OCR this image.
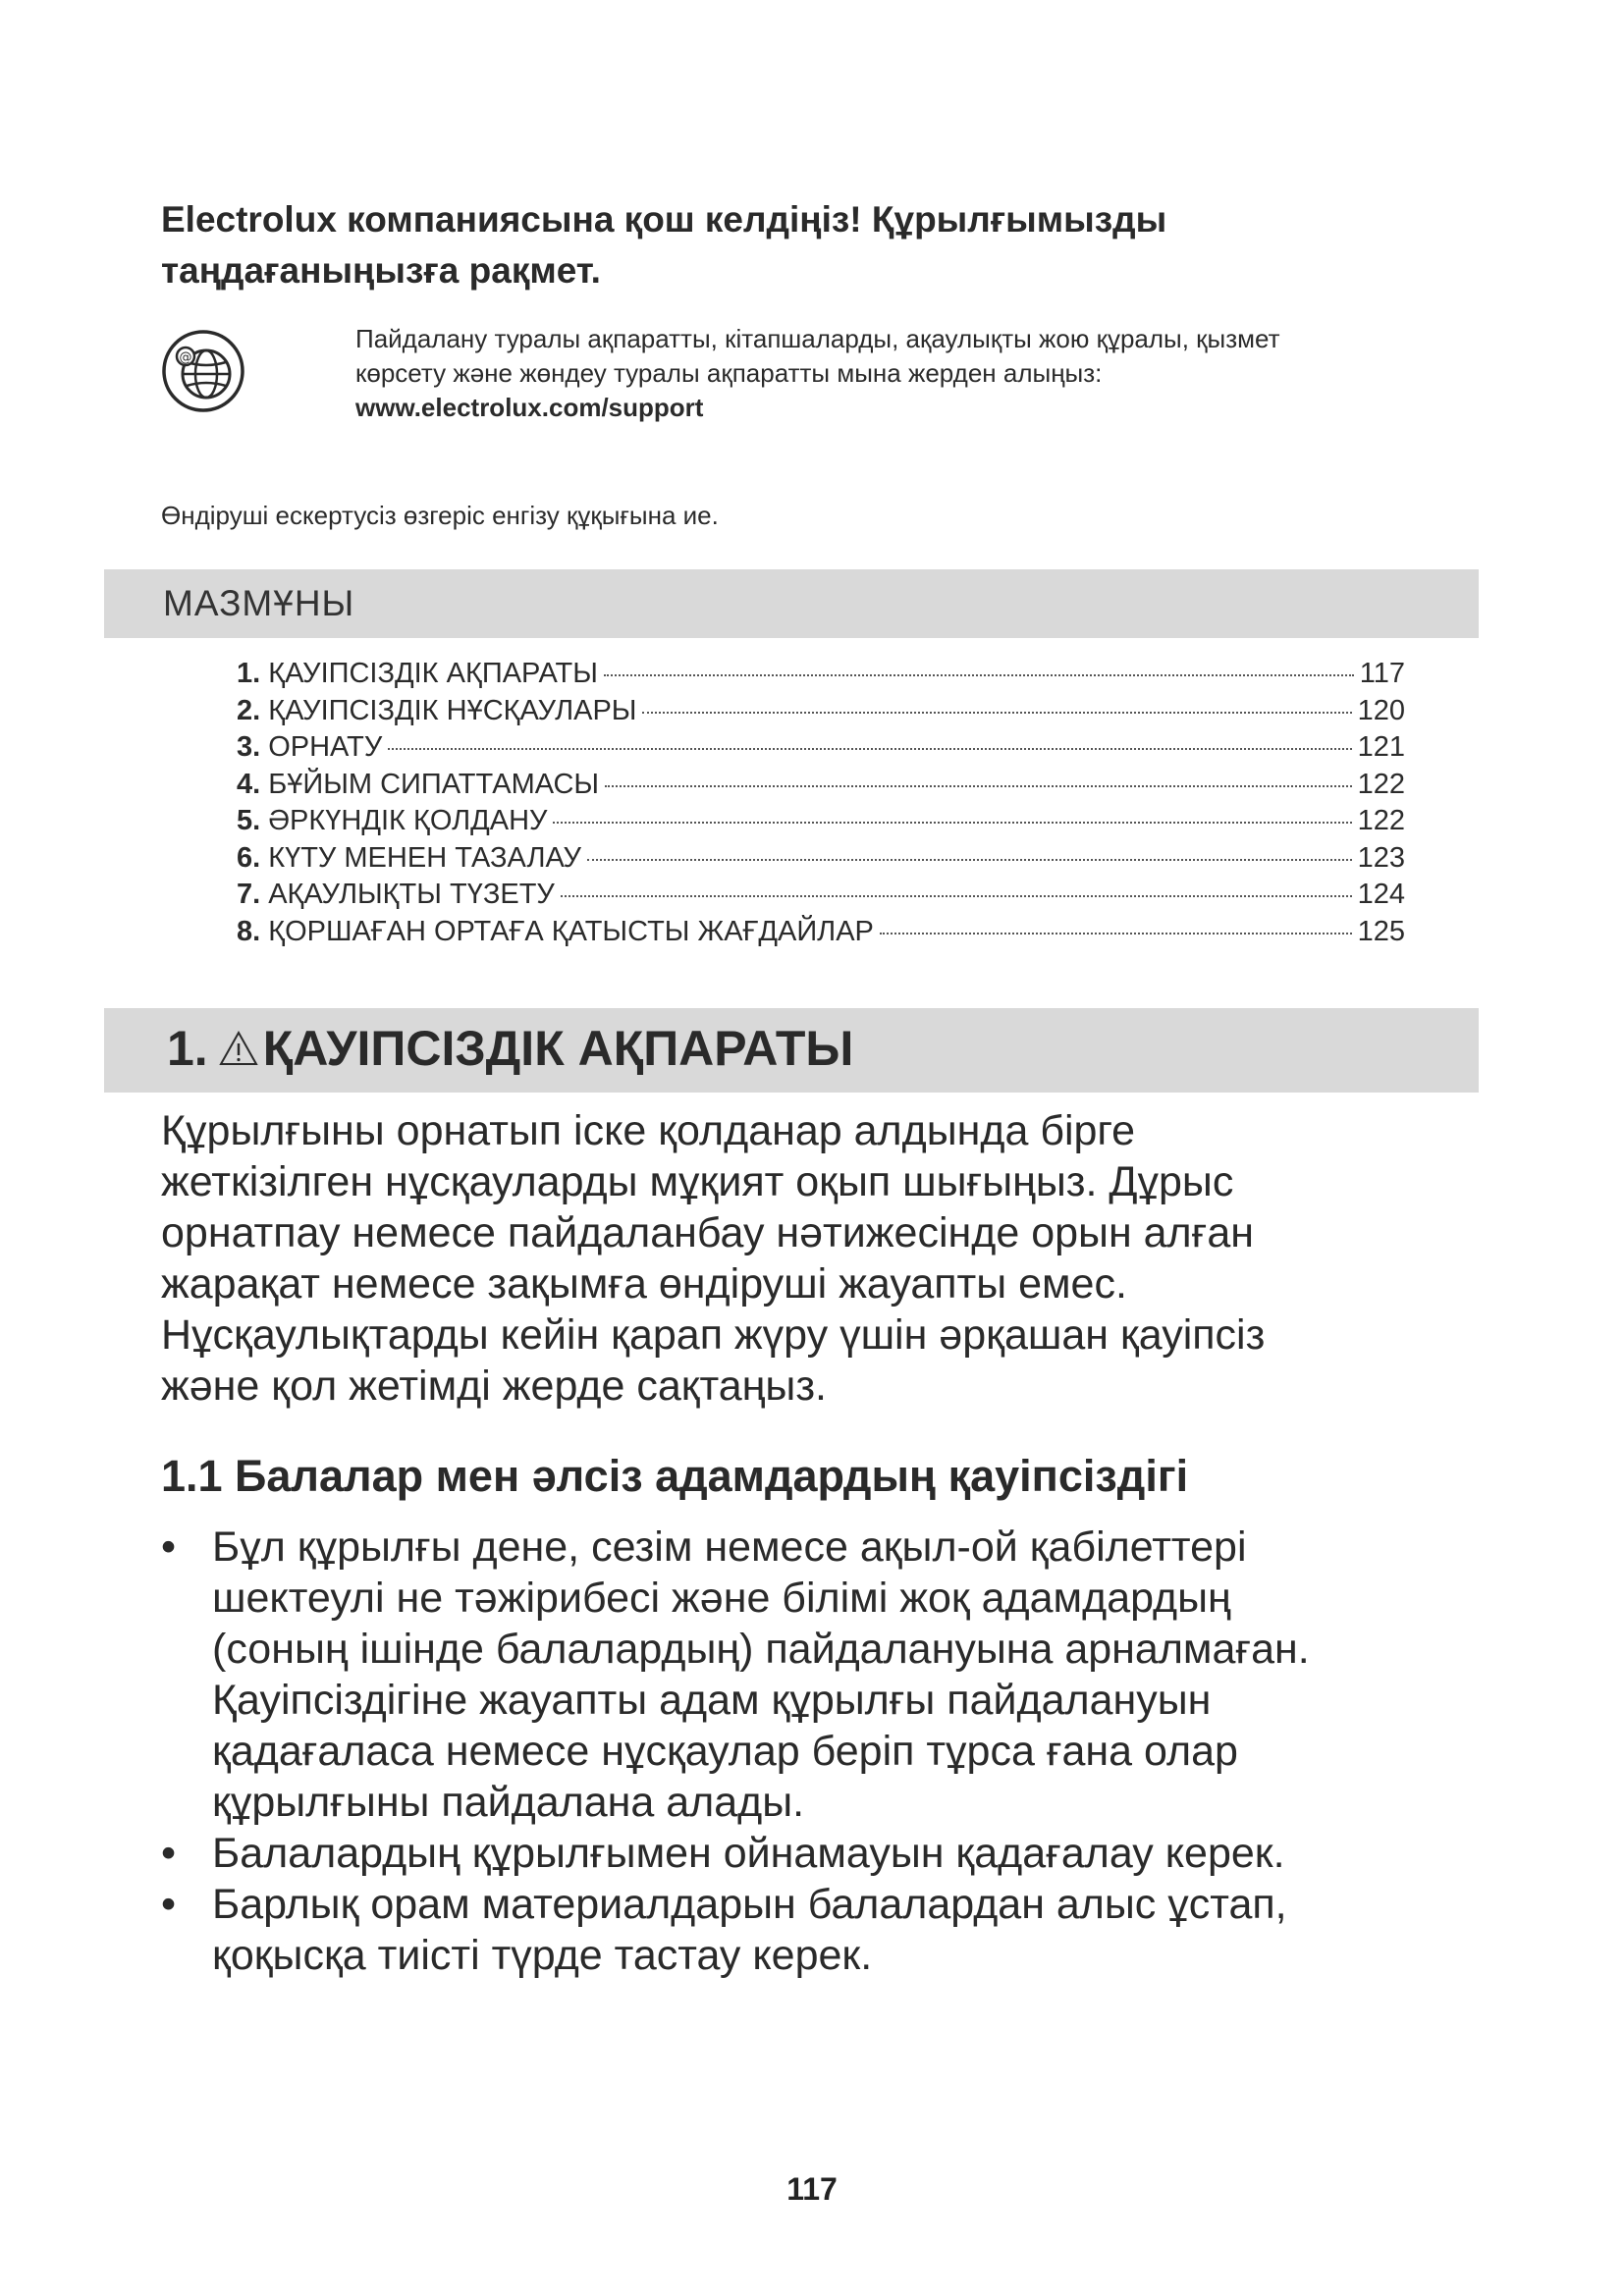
Electrolux компаниясына қош келдіңіз! Құрылғымызды
таңдағаныңызға рақмет.
@
Пайдалану туралы ақпаратты, кітапшаларды, ақаулықты жою құралы, қызмет
көрсету және жөндеу туралы ақпаратты мына жерден алыңыз:
www.electrolux.com/support
Өндіруші ескертусіз өзгеріс енгізу құқығына ие.
МАЗМҰНЫ
1. ҚАУІПСІЗДІК АҚПАРАТЫ	117
2. ҚАУІПСІЗДІК НҰСҚАУЛАРЫ	120
3. ОРНАТУ	121
4. БҰЙЫМ СИПАТТАМАСЫ	122
5. ӘРКҮНДІК ҚОЛДАНУ	122
6. КҮТУ МЕНЕН ТАЗАЛАУ	123
7. АҚАУЛЫҚТЫ ТҮЗЕТУ	124
8. ҚОРШАҒАН ОРТАҒА ҚАТЫСТЫ ЖАҒДАЙЛАР	125
1. ҚАУІПСІЗДІК АҚПАРАТЫ

Құрылғыны орнатып іске қолданар алдында бірге
жеткізілген нұсқауларды мұқият оқып шығыңыз. Дұрыс
орнатпау немесе пайдаланбау нәтижесінде орын алған
жарақат немесе зақымға өндіруші жауапты емес.
Нұсқаулықтарды кейін қарап жүру үшін әрқашан қауіпсіз
және қол жетімді жерде сақтаңыз.

1.1 Балалар мен әлсіз адамдардың қауіпсіздігі
• Бұл құрылғы дене, сезім немесе ақыл-ой қабілеттері
шектеулі не тәжірибесі және білімі жоқ адамдардың
(соның ішінде балалардың) пайдалануына арналмаған.
Қауіпсіздігіне жауапты адам құрылғы пайдалануын
қадағаласа немесе нұсқаулар беріп тұрса ғана олар
құрылғыны пайдалана алады.
• Балалардың құрылғымен ойнамауын қадағалау керек.
• Барлық орам материалдарын балалардан алыс ұстап,
қоқысқа тиісті түрде тастау керек.
117
